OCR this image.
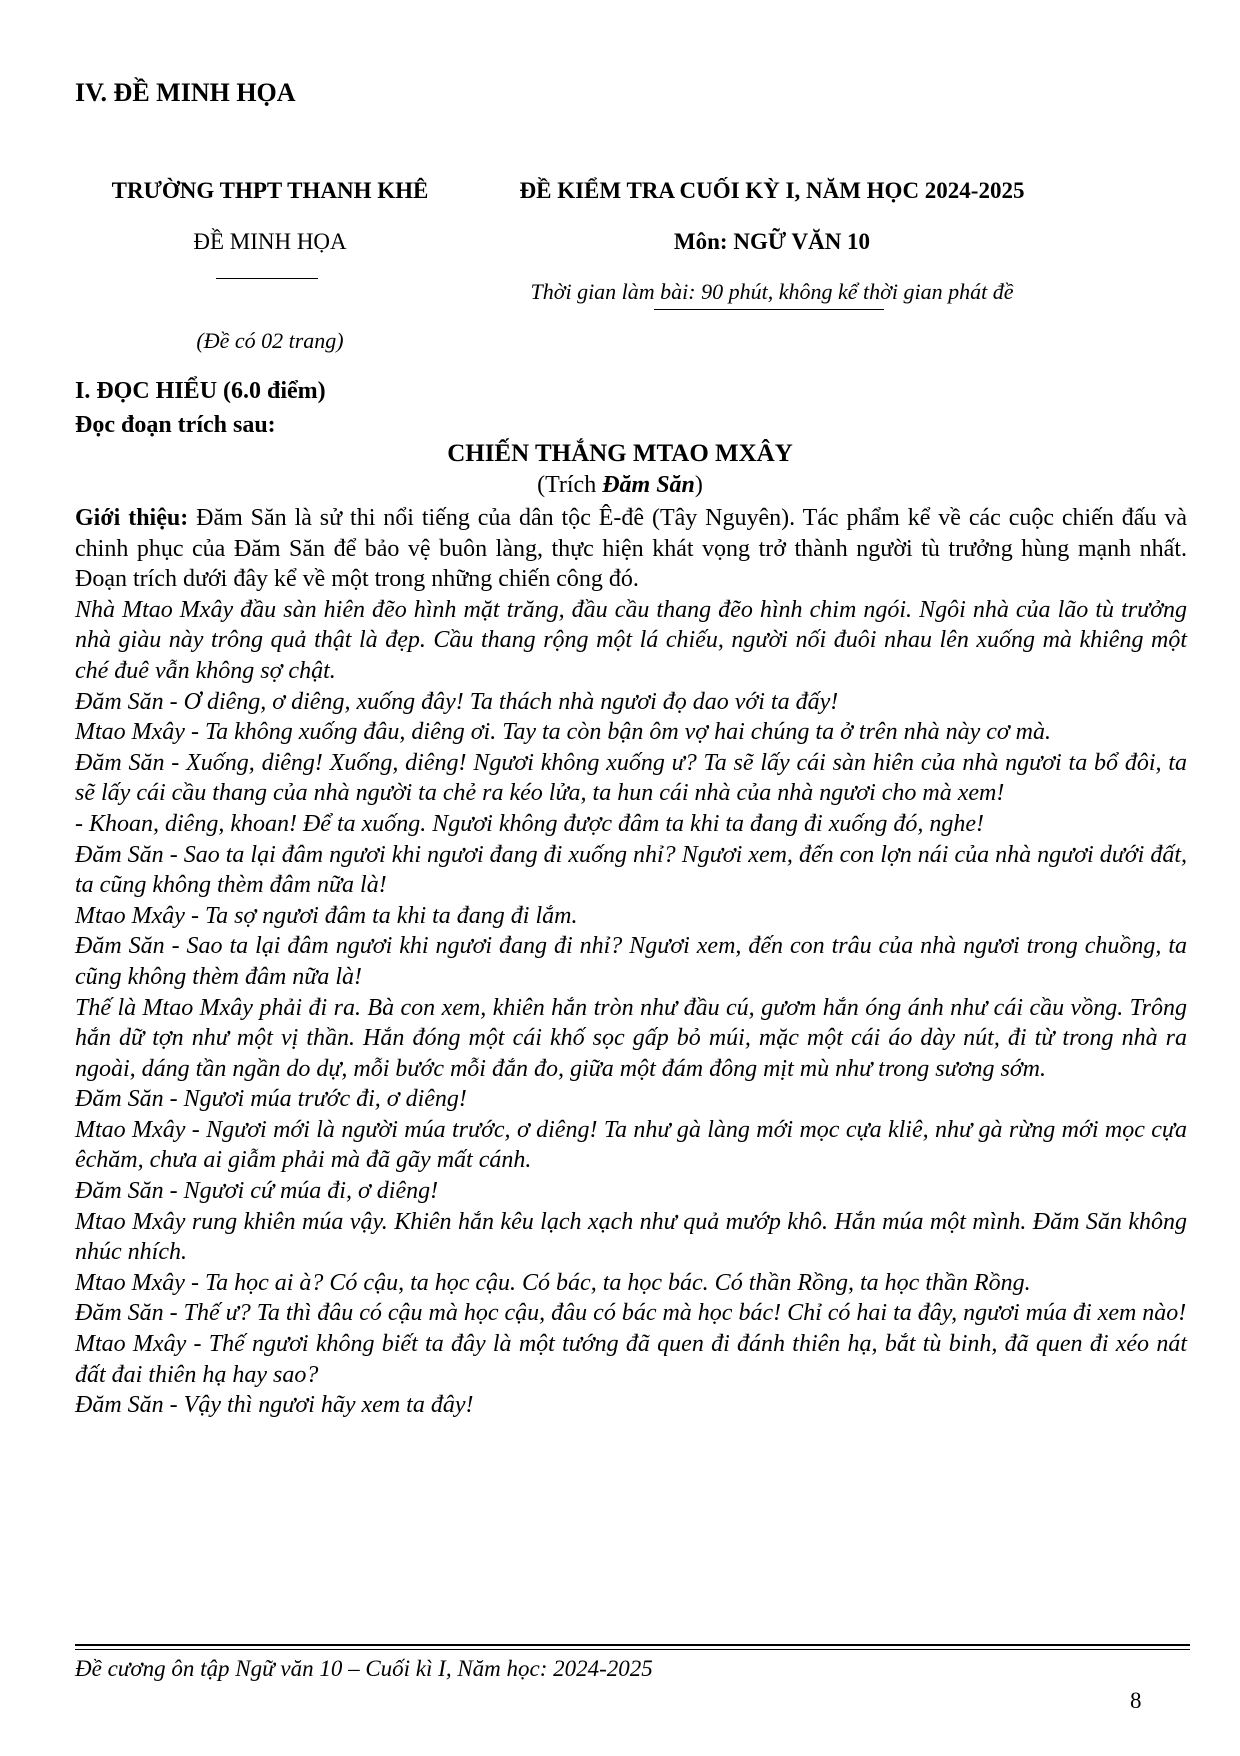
IV. ĐỀ MINH HỌA
TRƯỜNG THPT THANH KHÊ	ĐỀ KIỂM TRA CUỐI KỲ I, NĂM HỌC 2024-2025
ĐỀ MINH HỌA	Môn: NGỮ VĂN 10
Thời gian làm bài: 90 phút, không kể thời gian phát đề
(Đề có 02 trang)
I. ĐỌC HIỂU (6.0 điểm)
Đọc đoạn trích sau:
CHIẾN THẮNG MTAO MXÂY
(Trích Đăm Săn)

Giới thiệu: Đăm Săn là sử thi nổi tiếng của dân tộc Ê-đê (Tây Nguyên). Tác phẩm kể về các cuộc chiến đấu và chinh phục của Đăm Săn để bảo vệ buôn làng, thực hiện khát vọng trở thành người tù trưởng hùng mạnh nhất. Đoạn trích dưới đây kể về một trong những chiến công đó.

Nhà Mtao Mxây đầu sàn hiên đẽo hình mặt trăng, đầu cầu thang đẽo hình chim ngói. Ngôi nhà của lão tù trưởng nhà giàu này trông quả thật là đẹp. Cầu thang rộng một lá chiếu, người nối đuôi nhau lên xuống mà khiêng một ché đuê vẫn không sợ chật.

Đăm Săn - Ơ diêng, ơ diêng, xuống đây! Ta thách nhà ngươi đọ dao với ta đấy!

Mtao Mxây - Ta không xuống đâu, diêng ơi. Tay ta còn bận ôm vợ hai chúng ta ở trên nhà này cơ mà.

Đăm Săn - Xuống, diêng! Xuống, diêng! Ngươi không xuống ư? Ta sẽ lấy cái sàn hiên của nhà ngươi ta bổ đôi, ta sẽ lấy cái cầu thang của nhà người ta chẻ ra kéo lửa, ta hun cái nhà của nhà ngươi cho mà xem!

- Khoan, diêng, khoan! Để ta xuống. Ngươi không được đâm ta khi ta đang đi xuống đó, nghe!

Đăm Săn - Sao ta lại đâm ngươi khi ngươi đang đi xuống nhỉ? Ngươi xem, đến con lợn nái của nhà ngươi dưới đất, ta cũng không thèm đâm nữa là!

Mtao Mxây - Ta sợ ngươi đâm ta khi ta đang đi lắm.

Đăm Săn - Sao ta lại đâm ngươi khi ngươi đang đi nhỉ? Ngươi xem, đến con trâu của nhà ngươi trong chuồng, ta cũng không thèm đâm nữa là!

Thế là Mtao Mxây phải đi ra. Bà con xem, khiên hắn tròn như đầu cú, gươm hắn óng ánh như cái cầu vồng. Trông hắn dữ tợn như một vị thần. Hắn đóng một cái khố sọc gấp bỏ múi, mặc một cái áo dày nút, đi từ trong nhà ra ngoài, dáng tần ngần do dự, mỗi bước mỗi đắn đo, giữa một đám đông mịt mù như trong sương sớm.

Đăm Săn - Ngươi múa trước đi, ơ diêng!

Mtao Mxây - Ngươi mới là người múa trước, ơ diêng! Ta như gà làng mới mọc cựa kliê, như gà rừng mới mọc cựa êchăm, chưa ai giẫm phải mà đã gãy mất cánh.

Đăm Săn - Ngươi cứ múa đi, ơ diêng!

Mtao Mxây rung khiên múa vậy. Khiên hắn kêu lạch xạch như quả mướp khô. Hắn múa một mình. Đăm Săn không nhúc nhích.

Mtao Mxây - Ta học ai à? Có cậu, ta học cậu. Có bác, ta học bác. Có thần Rồng, ta học thần Rồng.

Đăm Săn - Thế ư? Ta thì đâu có cậu mà học cậu, đâu có bác mà học bác! Chỉ có hai ta đây, ngươi múa đi xem nào!

Mtao Mxây - Thế ngươi không biết ta đây là một tướng đã quen đi đánh thiên hạ, bắt tù binh, đã quen đi xéo nát đất đai thiên hạ hay sao?

Đăm Săn - Vậy thì ngươi hãy xem ta đây!

Đề cương ôn tập Ngữ văn 10 – Cuối kì I, Năm học: 2024-2025
8
